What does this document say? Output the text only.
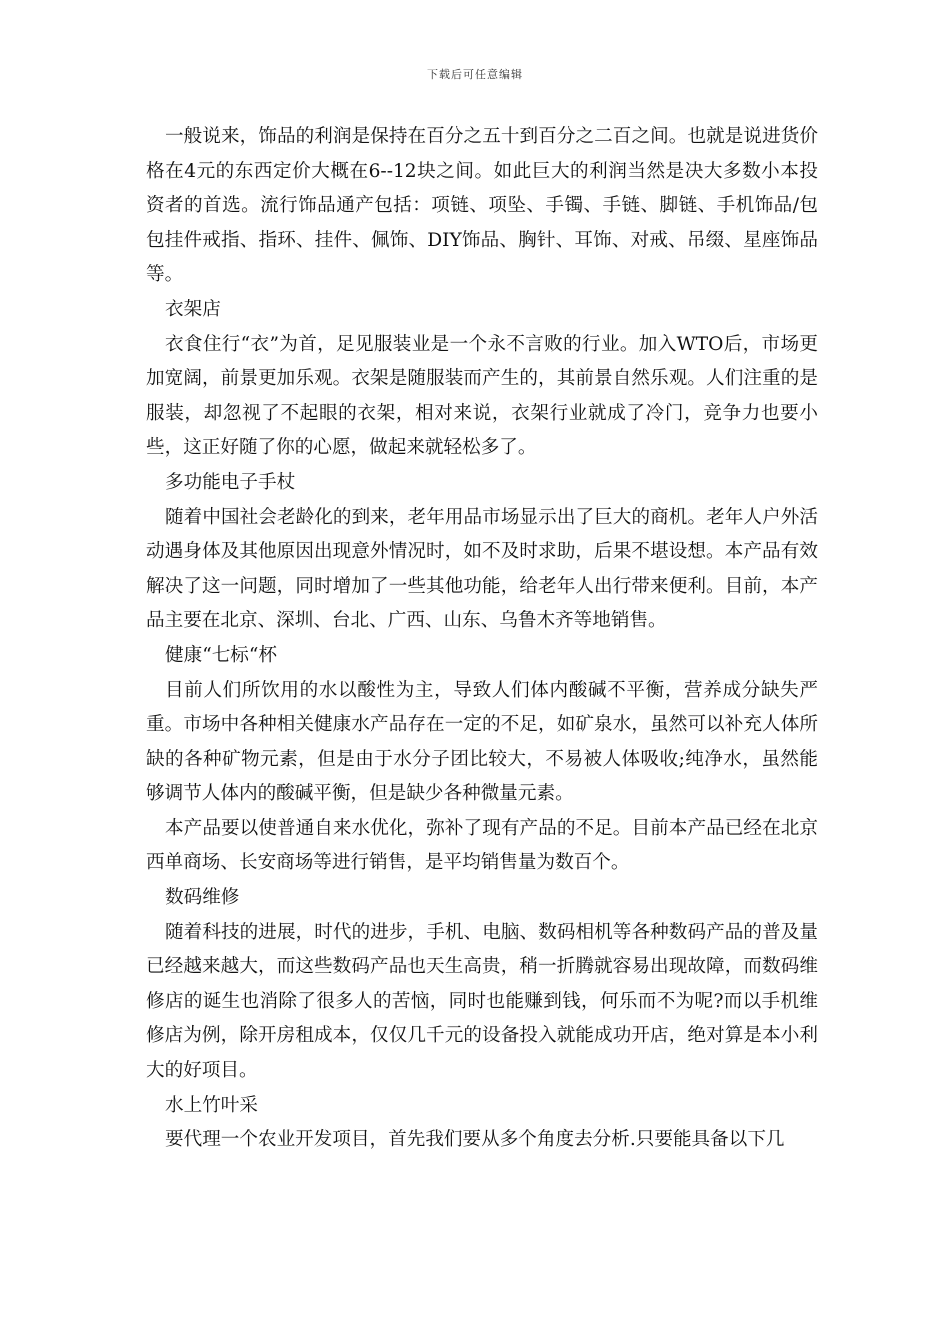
下载后可任意编辑

一般说来，饰品的利润是保持在百分之五十到百分之二百之间。也就是说进货价格在4元的东西定价大概在6--12块之间。如此巨大的利润当然是决大多数小本投资者的首选。流行饰品通产包括：项链、项坠、手镯、手链、脚链、手机饰品/包包挂件戒指、指环、挂件、佩饰、DIY饰品、胸针、耳饰、对戒、吊缀、星座饰品等。

衣架店

衣食住行“衣”为首，足见服装业是一个永不言败的行业。加入WTO后，市场更加宽阔，前景更加乐观。衣架是随服装而产生的，其前景自然乐观。人们注重的是服装，却忽视了不起眼的衣架，相对来说，衣架行业就成了冷门，竞争力也要小些，这正好随了你的心愿，做起来就轻松多了。

多功能电子手杖

随着中国社会老龄化的到来，老年用品市场显示出了巨大的商机。老年人户外活动遇身体及其他原因出现意外情况时，如不及时求助，后果不堪设想。本产品有效解决了这一问题，同时增加了一些其他功能，给老年人出行带来便利。目前，本产品主要在北京、深圳、台北、广西、山东、乌鲁木齐等地销售。

健康“七标“杯

目前人们所饮用的水以酸性为主，导致人们体内酸碱不平衡，营养成分缺失严重。市场中各种相关健康水产品存在一定的不足，如矿泉水，虽然可以补充人体所缺的各种矿物元素，但是由于水分子团比较大，不易被人体吸收;纯净水，虽然能够调节人体内的酸碱平衡，但是缺少各种微量元素。

本产品要以使普通自来水优化，弥补了现有产品的不足。目前本产品已经在北京西单商场、长安商场等进行销售，是平均销售量为数百个。

数码维修

随着科技的进展，时代的进步，手机、电脑、数码相机等各种数码产品的普及量已经越来越大，而这些数码产品也天生高贵，稍一折腾就容易出现故障，而数码维修店的诞生也消除了很多人的苦恼，同时也能赚到钱，何乐而不为呢?而以手机维修店为例，除开房租成本，仅仅几千元的设备投入就能成功开店，绝对算是本小利大的好项目。

水上竹叶采

要代理一个农业开发项目，首先我们要从多个角度去分析.只要能具备以下几
